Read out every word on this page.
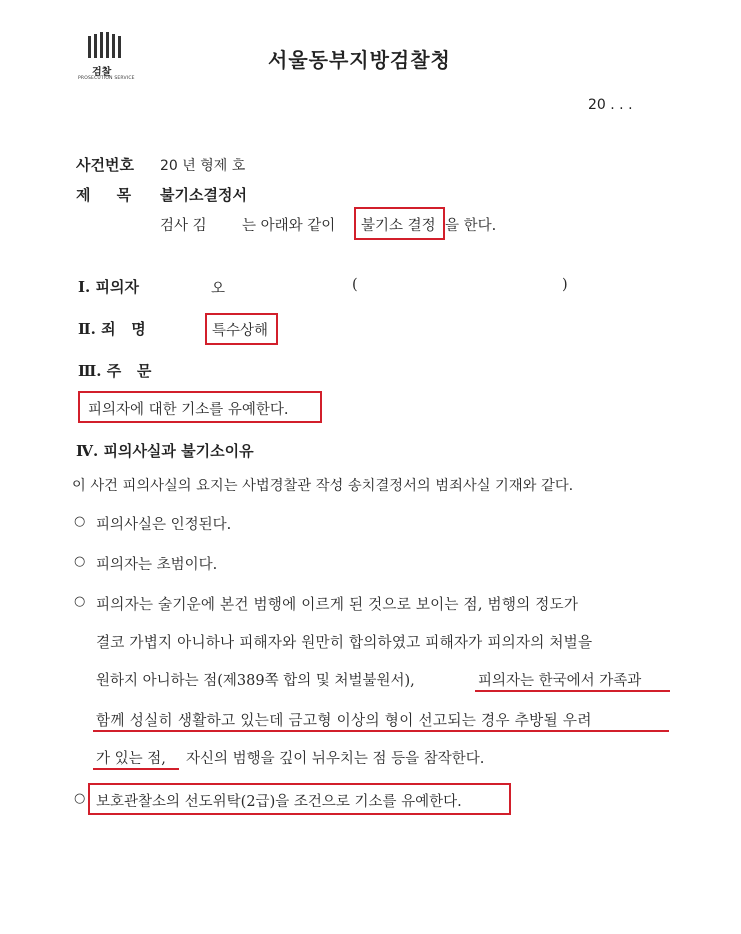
검찰
PROSECUTION SERVICE
서울동부지방검찰청
20 . . .
사건번호 20 년 형제 호
제     목 불기소결정서
검사 김 는 아래와 같이 불기소 결정 을 한다.
Ⅰ. 피의자	오	(	)
Ⅱ. 죄   명	특수상해
Ⅲ. 주   문
피의자에 대한 기소를 유예한다.
Ⅳ. 피의사실과 불기소이유
이 사건 피의사실의 요지는 사법경찰관 작성 송치결정서의 범죄사실 기재와 같다.
○ 피의사실은 인정된다.
○ 피의자는 초범이다.
○ 피의자는 술기운에 본건 범행에 이르게 된 것으로 보이는 점, 범행의 정도가
결코 가볍지 아니하나 피해자와 원만히 합의하였고 피해자가 피의자의 처벌을
원하지 아니하는 점(제389쪽 합의 및 처벌불원서),	피의자는 한국에서 가족과
함께 성실히 생활하고 있는데 금고형 이상의 형이 선고되는 경우 추방될 우려
가 있는 점, 자신의 범행을 깊이 뉘우치는 점 등을 참작한다.
○ 보호관찰소의 선도위탁(2급)을 조건으로 기소를 유예한다.
